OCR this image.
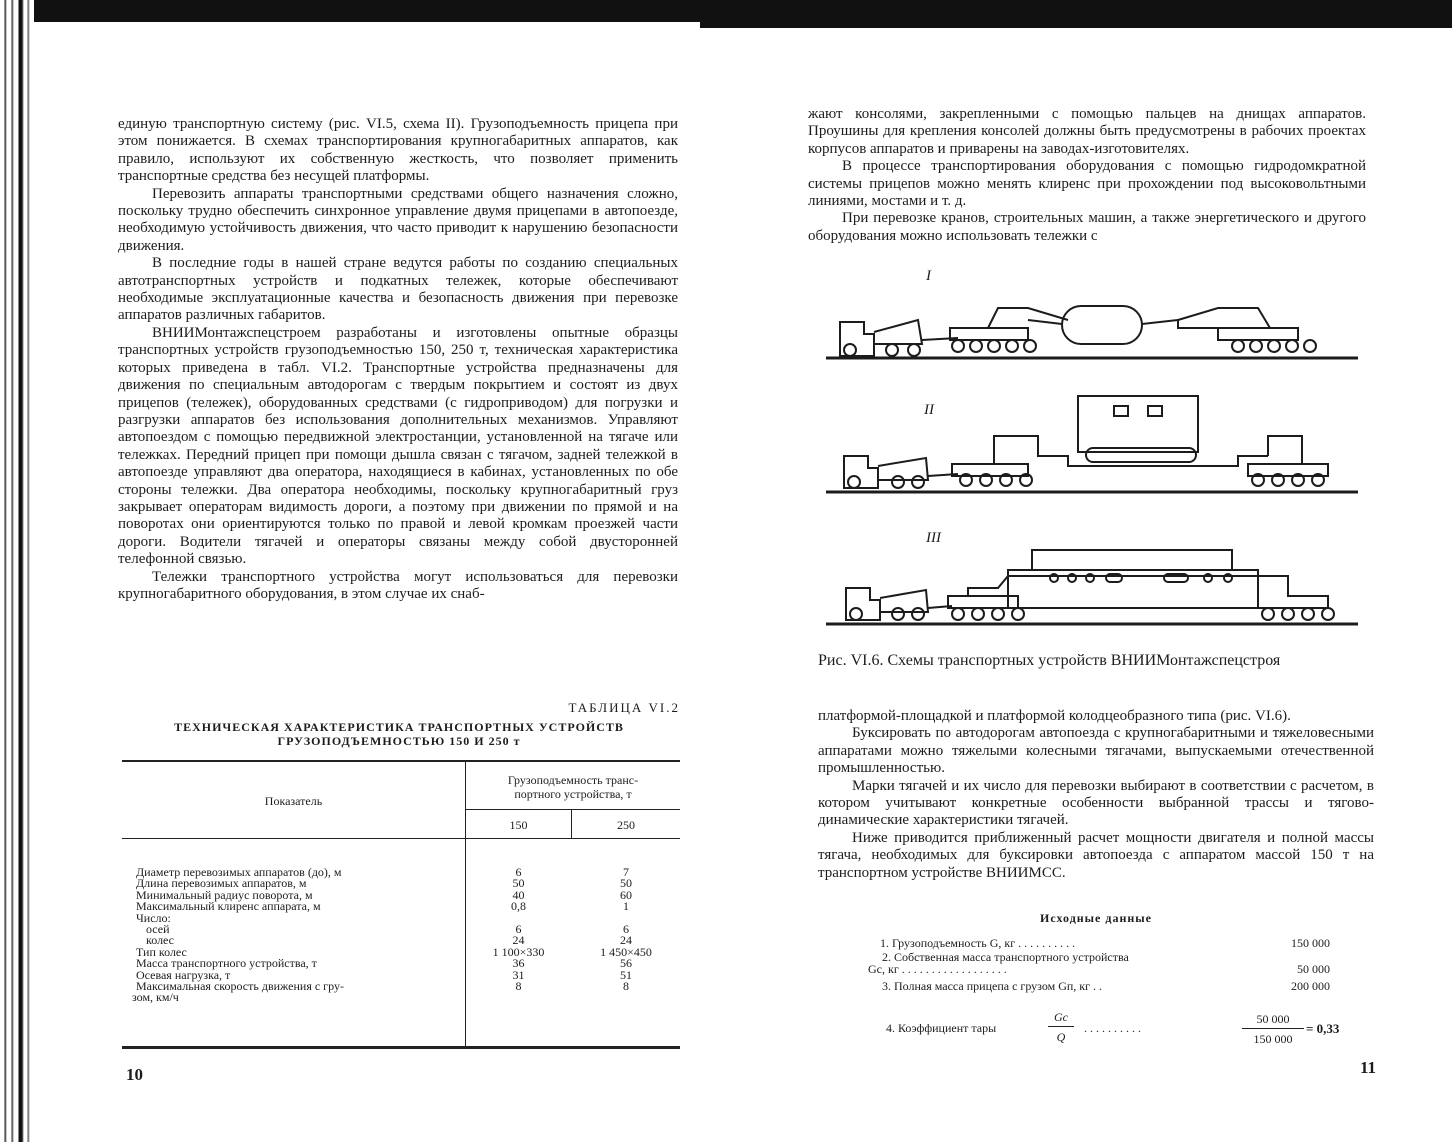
единую транспортную систему (рис. VI.5, схема II). Грузоподъемность прицепа при этом понижается. В схемах транспортирования крупногабаритных аппаратов, как правило, используют их собственную жесткость, что позволяет применить транспортные средства без несущей платформы.

Перевозить аппараты транспортными средствами общего назначения сложно, поскольку трудно обеспечить синхронное управление двумя прицепами в автопоезде, необходимую устойчивость движения, что часто приводит к нарушению безопасности движения.

В последние годы в нашей стране ведутся работы по созданию специальных автотранспортных устройств и подкатных тележек, которые обеспечивают необходимые эксплуатационные качества и безопасность движения при перевозке аппаратов различных габаритов.

ВНИИМонтажспецстроем разработаны и изготовлены опытные образцы транспортных устройств грузоподъемностью 150, 250 т, техническая характеристика которых приведена в табл. VI.2. Транспортные устройства предназначены для движения по специальным автодорогам с твердым покрытием и состоят из двух прицепов (тележек), оборудованных средствами (с гидроприводом) для погрузки и разгрузки аппаратов без использования дополнительных механизмов. Управляют автопоездом с помощью передвижной электростанции, установленной на тягаче или тележках. Передний прицеп при помощи дышла связан с тягачом, задней тележкой в автопоезде управляют два оператора, находящиеся в кабинах, установленных по обе стороны тележки. Два оператора необходимы, поскольку крупногабаритный груз закрывает операторам видимость дороги, а поэтому при движении по прямой и на поворотах они ориентируются только по правой и левой кромкам проезжей части дороги. Водители тягачей и операторы связаны между собой двусторонней телефонной связью.

Тележки транспортного устройства могут использоваться для перевозки крупногабаритного оборудования, в этом случае их снаб-

ТАБЛИЦА VI.2
ТЕХНИЧЕСКАЯ ХАРАКТЕРИСТИКА ТРАНСПОРТНЫХ УСТРОЙСТВ
ГРУЗОПОДЪЕМНОСТЬЮ 150 И 250 т
Показатель
Грузоподъемность транс-
портного устройства, т
150	250
Диаметр перевозимых аппаратов (до), м	6	7
Длина перевозимых аппаратов, м	50	50
Минимальный радиус поворота, м	40	60
Максимальный клиренс аппарата, м	0,8	1
Число:
осей	6	6
колес	24	24
Тип колес	1 100×330	1 450×450
Масса транспортного устройства, т	36	56
Осевая нагрузка, т	31	51
Максимальная скорость движения с гру-	8	8
зом, км/ч
10

жают консолями, закрепленными с помощью пальцев на днищах аппаратов. Проушины для крепления консолей должны быть предусмотрены в рабочих проектах корпусов аппаратов и приварены на заводах-изготовителях.

В процессе транспортирования оборудования с помощью гидродомкратной системы прицепов можно менять клиренс при прохождении под высоковольтными линиями, мостами и т. д.

При перевозке кранов, строительных машин, а также энергетического и другого оборудования можно использовать тележки с

I
II
III
Рис. VI.6. Схемы транспортных устройств ВНИИМонтажспецстроя

платформой-площадкой и платформой колодцеобразного типа (рис. VI.6).

Буксировать по автодорогам автопоезда с крупногабаритными и тяжеловесными аппаратами можно тяжелыми колесными тягачами, выпускаемыми отечественной промышленностью.

Марки тягачей и их число для перевозки выбирают в соответствии с расчетом, в котором учитывают конкретные особенности выбранной трассы и тягово-динамические характеристики тягачей.

Ниже приводится приближенный расчет мощности двигателя и полной массы тягача, необходимых для буксировки автопоезда с аппаратом массой 150 т на транспортном устройстве ВНИИМСС.

Исходные данные
1. Грузоподъемность G, кг . . . . . . . . . .	150 000
2. Собственная масса транспортного устройства
Gс, кг . . . . . . . . . . . . . . . . . .	50 000
3. Полная масса прицепа с грузом Gп, кг . .	200 000
4. Коэффициент тары
Gс
Q
. . . . . . . . . .
50 000
150 000
= 0,33
11
